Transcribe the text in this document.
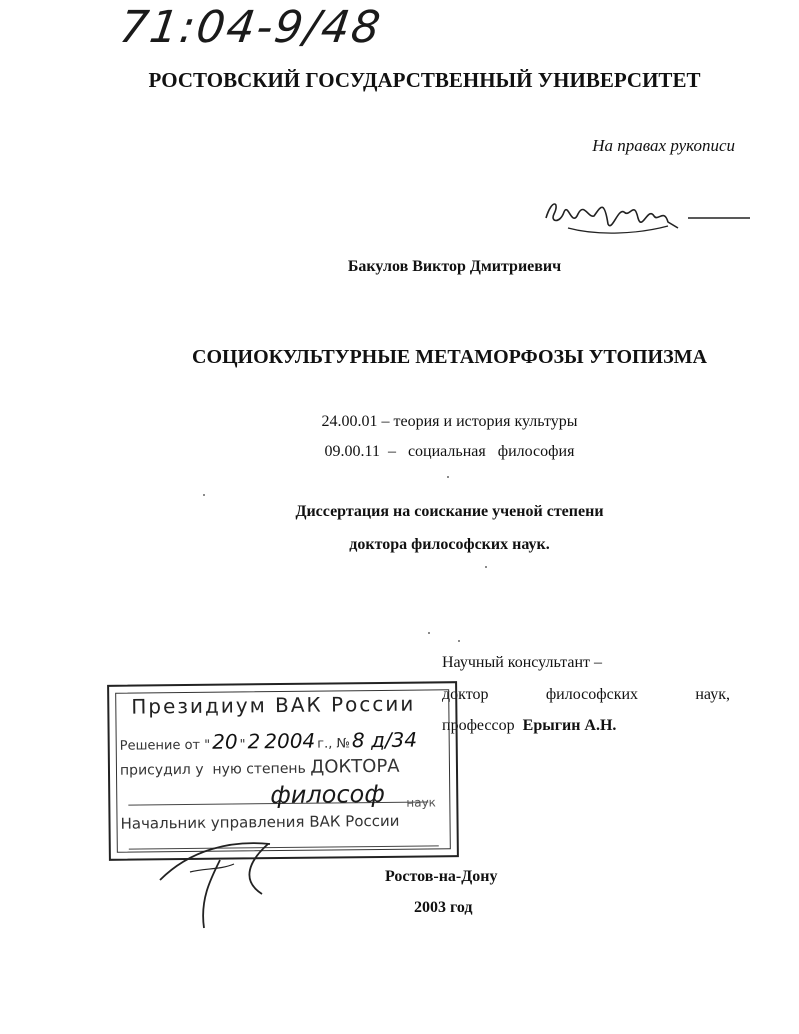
71:04-9/48
РОСТОВСКИЙ ГОСУДАРСТВЕННЫЙ УНИВЕРСИТЕТ
На правах рукописи
Бакулов Виктор Дмитриевич
СОЦИОКУЛЬТУРНЫЕ МЕТАМОРФОЗЫ УТОПИЗМА
24.00.01 – теория и история культуры
09.00.11  –   социальная   философия
Диссертация на соискание ученой степени
доктора философских наук.
Научный консультант –
доктор	философских	наук,
профессор Ерыгин А.Н.
Ростов-на-Дону
2003 год
Президиум ВАК России
Решение от "20 "2 2004 г., №8 д/34
присудил у ную степень ДОКТОРА
философ наук
Начальник управления ВАК России
